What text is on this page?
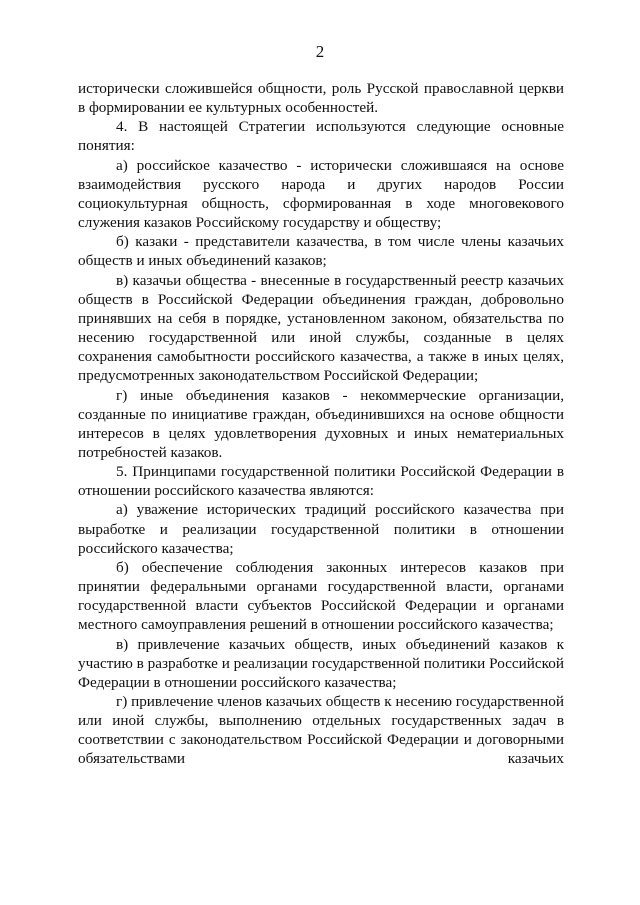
2

исторически сложившейся общности, роль Русской православной церкви в формировании ее культурных особенностей.

4. В настоящей Стратегии используются следующие основные понятия:

а) российское казачество - исторически сложившаяся на основе взаимодействия русского народа и других народов России социокультурная общность, сформированная в ходе многовекового служения казаков Российскому государству и обществу;

б) казаки - представители казачества, в том числе члены казачьих обществ и иных объединений казаков;

в) казачьи общества - внесенные в государственный реестр казачьих обществ в Российской Федерации объединения граждан, добровольно принявших на себя в порядке, установленном законом, обязательства по несению государственной или иной службы, созданные в целях сохранения самобытности российского казачества, а также в иных целях, предусмотренных законодательством Российской Федерации;

г) иные объединения казаков - некоммерческие организации, созданные по инициативе граждан, объединившихся на основе общности интересов в целях удовлетворения духовных и иных нематериальных потребностей казаков.

5. Принципами государственной политики Российской Федерации в отношении российского казачества являются:

а) уважение исторических традиций российского казачества при выработке и реализации государственной политики в отношении российского казачества;

б) обеспечение соблюдения законных интересов казаков при принятии федеральными органами государственной власти, органами государственной власти субъектов Российской Федерации и органами местного самоуправления решений в отношении российского казачества;

в) привлечение казачьих обществ, иных объединений казаков к участию в разработке и реализации государственной политики Российской Федерации в отношении российского казачества;

г) привлечение членов казачьих обществ к несению государственной или иной службы, выполнению отдельных государственных задач в соответствии с законодательством Российской Федерации и договорными обязательствами казачьих
